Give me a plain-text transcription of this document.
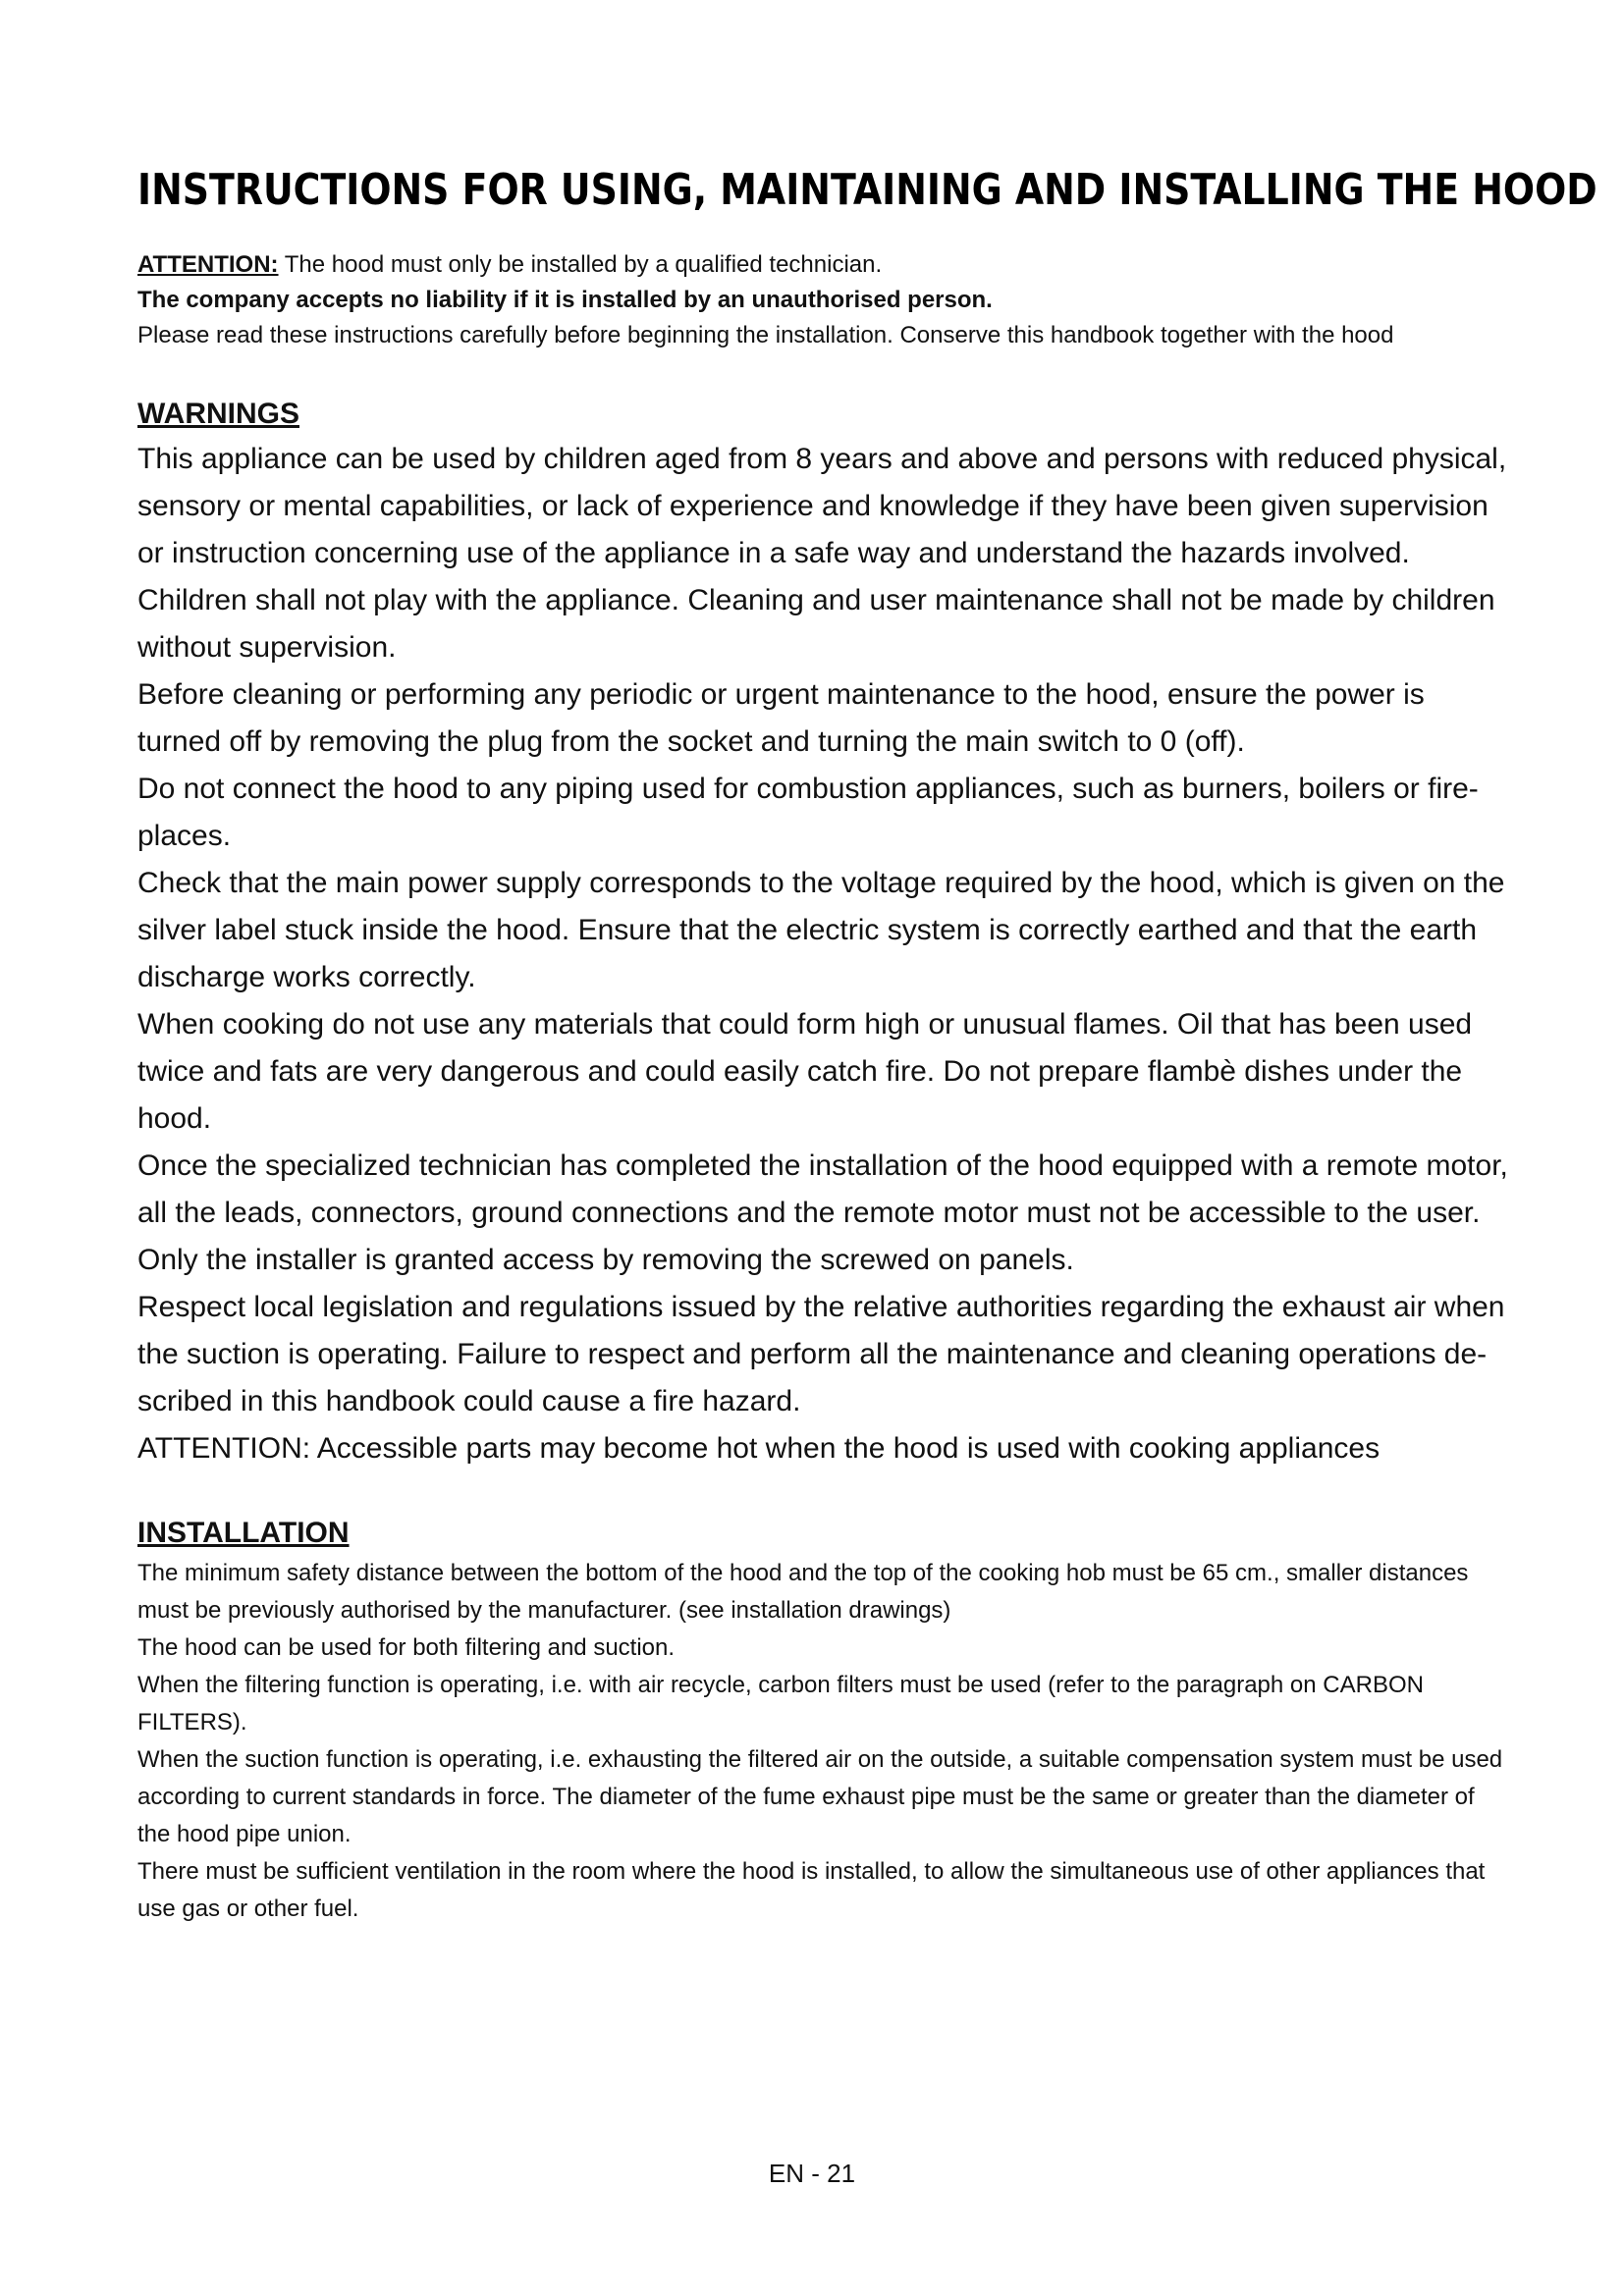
INSTRUCTIONS FOR USING, MAINTAINING AND INSTALLING THE HOOD

ATTENTION: The hood must only be installed by a qualified technician.

The company accepts no liability if it is installed by an unauthorised person.

Please read these instructions carefully before beginning the installation. Conserve this handbook together with the hood

WARNINGS

This appliance can be used by children aged from 8 years and above and persons with reduced physical, sensory or mental capabilities, or lack of experience and knowledge if they have been given supervision or instruction concerning use of the appliance in a safe way and understand the hazards involved.

Children shall not play with the appliance. Cleaning and user maintenance shall not be made by children without supervision.

Before cleaning or performing any periodic or urgent maintenance to the hood, ensure the power is turned off by removing the plug from the socket and turning the main switch to 0 (off).

Do not connect the hood to any piping used for combustion appliances, such as burners, boilers or fire-places.

Check that the main power supply corresponds to the voltage required by the hood, which is given on the silver label stuck inside the hood. Ensure that the electric system is correctly earthed and that the earth discharge works correctly.

When cooking do not use any materials that could form high or unusual flames. Oil that has been used twice and fats are very dangerous and could easily catch fire. Do not prepare flambè dishes under the hood.

Once the specialized technician has completed the installation of the hood equipped with a remote motor, all the leads, connectors, ground connections and the remote motor must not be accessible to the user. Only the installer is granted access by removing the screwed on panels.

Respect local legislation and regulations issued by the relative authorities regarding the exhaust air when the suction is operating. Failure to respect and perform all the maintenance and cleaning operations de-scribed in this handbook could cause a fire hazard.

ATTENTION: Accessible parts may become hot when the hood is used with cooking appliances

INSTALLATION

The minimum safety distance between the bottom of the hood and the top of the cooking hob must be 65 cm., smaller distances must be previously authorised by the manufacturer. (see installation drawings)

The hood can be used for both filtering and suction.

When the filtering function is operating, i.e. with air recycle, carbon filters must be used (refer to the paragraph on CARBON FILTERS).

When the suction function is operating, i.e. exhausting the filtered air on the outside, a suitable compensation system must be used according to current standards in force. The diameter of the fume exhaust pipe must be the same or greater than the diameter of the hood pipe union.

There must be sufficient ventilation in the room where the hood is installed, to allow the simultaneous use of other appliances that use gas or other fuel.

EN - 21
